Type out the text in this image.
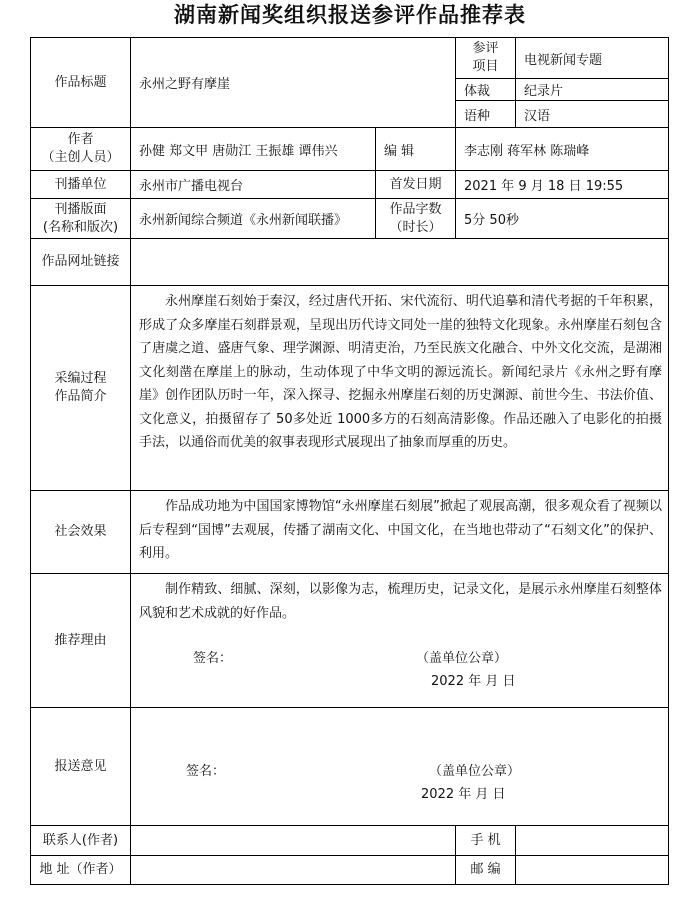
湖南新闻奖组织报送参评作品推荐表
作品标题	永州之野有摩崖		参评
项目	电视新闻专题
			体裁	纪录片
			语种	汉语
作者
（主创人员）	孙健 郑文甲 唐勋江 王振雄 谭伟兴	编 辑	李志刚 蒋军林 陈瑞峰	
刊播单位	永州市广播电视台	首发日期	2021 年 9 月 18 日 19:55	
刊播版面
(名称和版次)	永州新闻综合频道《永州新闻联播》	作品字数
（时长）	5分 50秒	
作品网址链接				
采编过程
作品简介	永州摩崖石刻始于秦汉，经过唐代开拓、宋代流衍、明代追摹和清代考据的千年积累，形成了众多摩崖石刻群景观，呈现出历代诗文同处一崖的独特文化现象。永州摩崖石刻包含了唐虞之道、盛唐气象、理学渊源、明清吏治，乃至民族文化融合、中外文化交流，是湖湘文化刻凿在摩崖上的脉动，生动体现了中华文明的源远流长。新闻纪录片《永州之野有摩崖》创作团队历时一年，深入探寻、挖掘永州摩崖石刻的历史渊源、前世今生、书法价值、文化意义，拍摄留存了 50多处近 1000多方的石刻高清影像。作品还融入了电影化的拍摄手法，以通俗而优美的叙事表现形式展现出了抽象而厚重的历史。			

社会效果	作品成功地为中国国家博物馆“永州摩崖石刻展”掀起了观展高潮，很多观众看了视频以后专程到“国博”去观展，传播了湖南文化、中国文化，在当地也带动了“石刻文化”的保护、利用。			

推荐理由	制作精致、细腻、深刻，以影像为志，梳理历史，记录文化，是展示永州摩崖石刻整体风貌和艺术成就的好作品。

签名： （盖单位公章）
2022 年 月 日			

报送意见	签名： （盖单位公章）
2022 年 月 日			

联系人(作者)			手 机	
地 址（作者）			邮 编	
